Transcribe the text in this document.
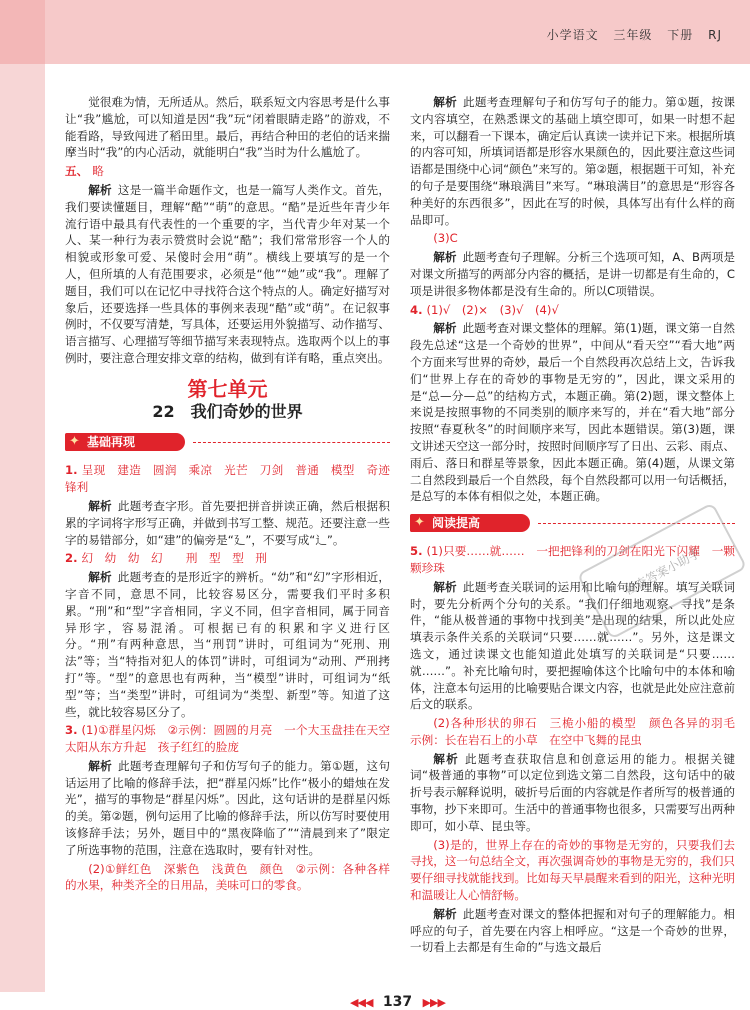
小学语文 三年级 下册 RJ

觉很难为情，无所适从。然后，联系短文内容思考是什么事让“我”尴尬，可以知道是因“我”玩“闭着眼睛走路”的游戏，不能看路，导致闯进了稻田里。最后，再结合种田的老伯的话来揣摩当时“我”的内心活动，就能明白“我”当时为什么尴尬了。

五、 略

解析 这是一篇半命题作文，也是一篇写人类作文。首先，我们要读懂题目，理解“酷”“萌”的意思。“酷”是近些年青少年流行语中最具有代表性的一个重要的字，当代青少年对某一个人、某一种行为表示赞赏时会说“酷”；我们常常形容一个人的相貌或形象可爱、呆傻时会用“萌”。横线上要填写的是一个人，但所填的人有范围要求，必须是“他”“她”或“我”。理解了题目，我们可以在记忆中寻找符合这个特点的人。确定好描写对象后，还要选择一些具体的事例来表现“酷”或“萌”。在记叙事例时，不仅要写清楚，写具体，还要运用外貌描写、动作描写、语言描写、心理描写等细节描写来表现特点。选取两个以上的事例时，要注意合理安排文章的结构，做到有详有略，重点突出。

第七单元
22　 我们奇妙的世界
✦ 基础再现

1. 呈现　建造　圆润　乘凉　光芒　刀剑　普通　模型　奇迹　锋利

解析 此题考查字形。首先要把拼音拼读正确，然后根据积累的字词将字形写正确，并做到书写工整、规范。还要注意一些字的易错部分，如“建”的偏旁是“廴”，不要写成“辶”。

2. 幻　幼　幼　幻　　刑　型　型　刑

解析 此题考查的是形近字的辨析。“幼”和“幻”字形相近，字音不同，意思不同，比较容易区分，需要我们平时多积累。“刑”和“型”字音相同，字义不同，但字音相同，属于同音异形字，容易混淆。可根据已有的积累和字义进行区分。“刑”有两种意思，当“刑罚”讲时，可组词为“死刑、刑法”等；当“特指对犯人的体罚”讲时，可组词为“动刑、严刑拷打”等。“型”的意思也有两种，当“模型”讲时，可组词为“纸型”等；当“类型”讲时，可组词为“类型、新型”等。知道了这些，就比较容易区分了。

3. (1)①群星闪烁　②示例：圆圆的月亮　一个大玉盘挂在天空　太阳从东方升起　孩子红红的脸庞

解析 此题考查理解句子和仿写句子的能力。第①题，这句话运用了比喻的修辞手法，把“群星闪烁”比作“极小的蜡烛在发光”，描写的事物是“群星闪烁”。因此，这句话讲的是群星闪烁的美。第②题，例句运用了比喻的修辞手法，所以仿写时要使用该修辞手法；另外，题目中的“黑夜降临了”“清晨到来了”限定了所选事物的范围，注意在选取时，要有针对性。

(2)①鲜红色　深紫色　浅黄色　颜色　②示例：各种各样的水果，种类齐全的日用品，美味可口的零食。

解析 此题考查理解句子和仿写句子的能力。第①题，按课文内容填空，在熟悉课文的基础上填空即可，如果一时想不起来，可以翻看一下课本，确定后认真读一读并记下来。根据所填的内容可知，所填词语都是形容水果颜色的，因此要注意这些词语都是围绕中心词“颜色”来写的。第②题，根据题干可知，补充的句子是要围绕“琳琅满目”来写。“琳琅满目”的意思是“形容各种美好的东西很多”，因此在写的时候，具体写出有什么样的商品即可。

(3)C

解析 此题考查句子理解。分析三个选项可知，A、B两项是对课文所描写的两部分内容的概括，是讲一切都是有生命的，C项是讲很多物体都是没有生命的。所以C项错误。

4. (1)√　(2)×　(3)√　(4)√

解析 此题考查对课文整体的理解。第(1)题，课文第一自然段先总述“这是一个奇妙的世界”，中间从“看天空”“看大地”两个方面来写世界的奇妙，最后一个自然段再次总结上文，告诉我们“世界上存在的奇妙的事物是无穷的”，因此，课文采用的是“总—分—总”的结构方式，本题正确。第(2)题，课文整体上来说是按照事物的不同类别的顺序来写的，并在“看大地”部分按照“春夏秋冬”的时间顺序来写，因此本题错误。第(3)题，课文讲述天空这一部分时，按照时间顺序写了日出、云彩、雨点、雨后、落日和群星等景象，因此本题正确。第(4)题，从课文第二自然段到最后一个自然段，每个自然段都可以用一句话概括，是总写的本体有相似之处，本题正确。

✦ 阅读提高

5. (1)只要……就……　一把把锋利的刀剑在阳光下闪耀　一颗颗珍珠

解析 此题考查关联词的运用和比喻句的理解。填写关联词时，要先分析两个分句的关系。“我们仔细地观察、寻找”是条件，“能从极普通的事物中找到美”是出现的结果，所以此处应填表示条件关系的关联词“只要……就……”。另外，这是课文选文，通过读课文也能知道此处填写的关联词是“只要……就……”。补充比喻句时，要把握喻体这个比喻句中的本体和喻体，注意本句运用的比喻要贴合课文内容，也就是此处应注意前后文的联系。

(2)各种形状的卵石　三桅小船的模型　颜色各异的羽毛　示例：长在岩石上的小草　在空中飞舞的昆虫

解析 此题考查获取信息和创意运用的能力。根据关键词“极普通的事物”可以定位到选文第二自然段，这句话中的破折号表示解释说明，破折号后面的内容就是作者所写的极普通的事物，抄下来即可。生活中的普通事物也很多，只需要写出两种即可，如小草、昆虫等。

(3)是的，世界上存在的奇妙的事物是无穷的，只要我们去寻找，这一句总结全文，再次强调奇妙的事物是无穷的，我们只要仔细寻找就能找到。比如每天早晨醒来看到的阳光，这种光明和温暖让人心情舒畅。

解析 此题考查对课文的整体把握和对句子的理解能力。相呼应的句子，首先要在内容上相呼应。“这是一个奇妙的世界，一切看上去都是有生命的”与选文最后

检查答案小助手
◀◀◀ 137 ▶▶▶
